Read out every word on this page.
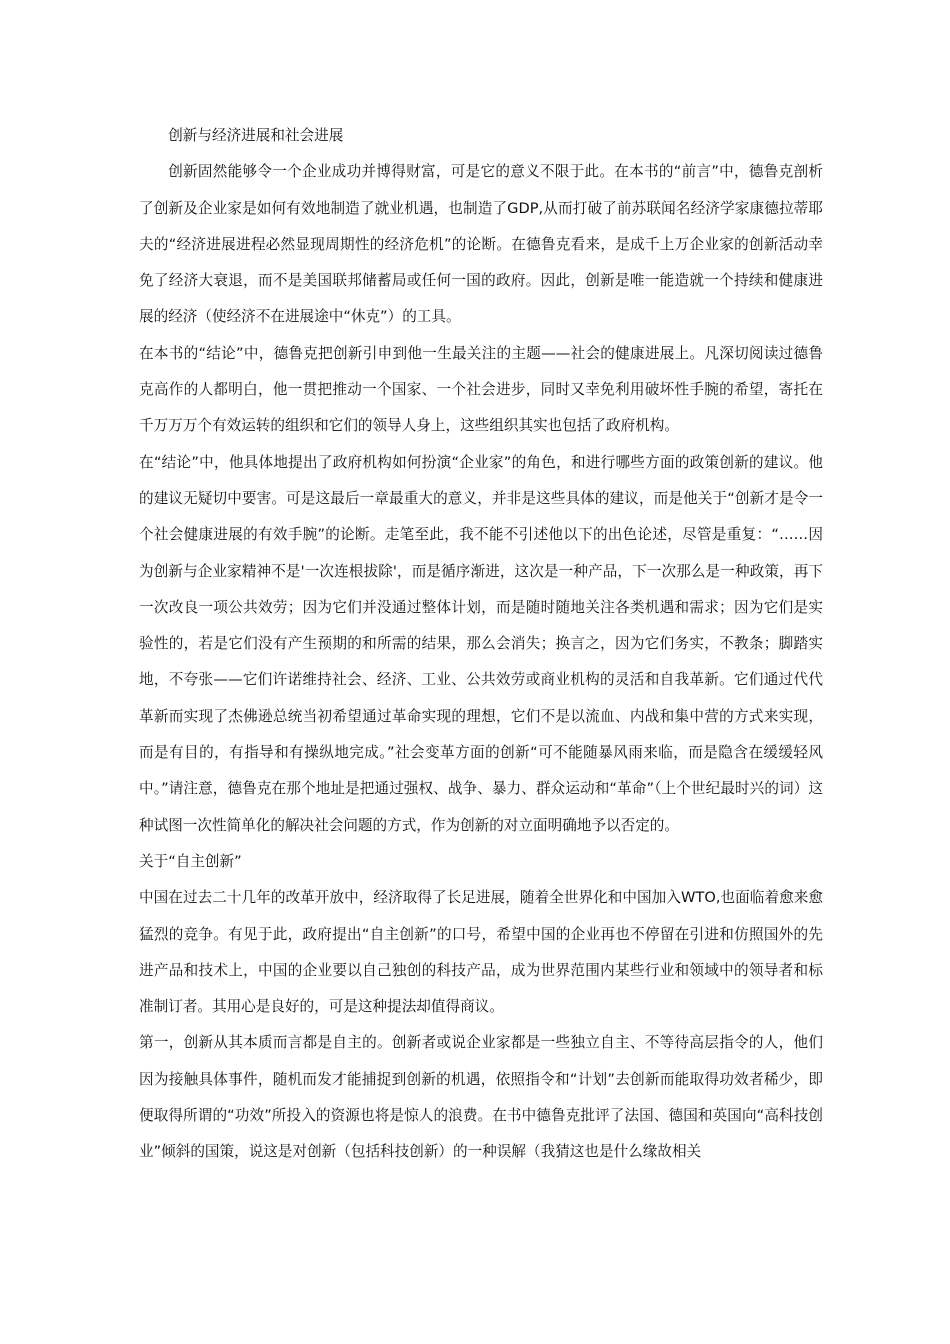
创新与经济进展和社会进展

创新固然能够令一个企业成功并博得财富，可是它的意义不限于此。在本书的“前言”中，德鲁克剖析了创新及企业家是如何有效地制造了就业机遇，也制造了GDP,从而打破了前苏联闻名经济学家康德拉蒂耶夫的“经济进展进程必然显现周期性的经济危机”的论断。在德鲁克看来，是成千上万企业家的创新活动幸免了经济大衰退，而不是美国联邦储蓄局或任何一国的政府。因此，创新是唯一能造就一个持续和健康进展的经济（使经济不在进展途中“休克”）的工具。

在本书的“结论”中，德鲁克把创新引申到他一生最关注的主题——社会的健康进展上。凡深切阅读过德鲁克高作的人都明白，他一贯把推动一个国家、一个社会进步，同时又幸免利用破坏性手腕的希望，寄托在千万万万个有效运转的组织和它们的领导人身上，这些组织其实也包括了政府机构。

在“结论”中，他具体地提出了政府机构如何扮演“企业家”的角色，和进行哪些方面的政策创新的建议。他的建议无疑切中要害。可是这最后一章最重大的意义，并非是这些具体的建议，而是他关于“创新才是令一个社会健康进展的有效手腕”的论断。走笔至此，我不能不引述他以下的出色论述，尽管是重复：“……因为创新与企业家精神不是'一次连根拔除'，而是循序渐进，这次是一种产品，下一次那么是一种政策，再下一次改良一项公共效劳；因为它们并没通过整体计划，而是随时随地关注各类机遇和需求；因为它们是实验性的，若是它们没有产生预期的和所需的结果，那么会消失；换言之，因为它们务实，不教条；脚踏实地，不夸张——它们许诺维持社会、经济、工业、公共效劳或商业机构的灵活和自我革新。它们通过代代革新而实现了杰佛逊总统当初希望通过革命实现的理想，它们不是以流血、内战和集中营的方式来实现，而是有目的，有指导和有操纵地完成。”社会变革方面的创新“可不能随暴风雨来临，而是隐含在缓缓轻风中。”请注意，德鲁克在那个地址是把通过强权、战争、暴力、群众运动和“革命”（上个世纪最时兴的词）这种试图一次性简单化的解决社会问题的方式，作为创新的对立面明确地予以否定的。

关于“自主创新”

中国在过去二十几年的改革开放中，经济取得了长足进展，随着全世界化和中国加入WTO,也面临着愈来愈猛烈的竞争。有见于此，政府提出“自主创新”的口号，希望中国的企业再也不停留在引进和仿照国外的先进产品和技术上，中国的企业要以自己独创的科技产品，成为世界范围内某些行业和领域中的领导者和标准制订者。其用心是良好的，可是这种提法却值得商议。

第一，创新从其本质而言都是自主的。创新者或说企业家都是一些独立自主、不等待高层指令的人，他们因为接触具体事件，随机而发才能捕捉到创新的机遇，依照指令和“计划”去创新而能取得功效者稀少，即便取得所谓的“功效”所投入的资源也将是惊人的浪费。在书中德鲁克批评了法国、德国和英国向“高科技创业”倾斜的国策，说这是对创新（包括科技创新）的一种误解（我猜这也是什么缘故相关
